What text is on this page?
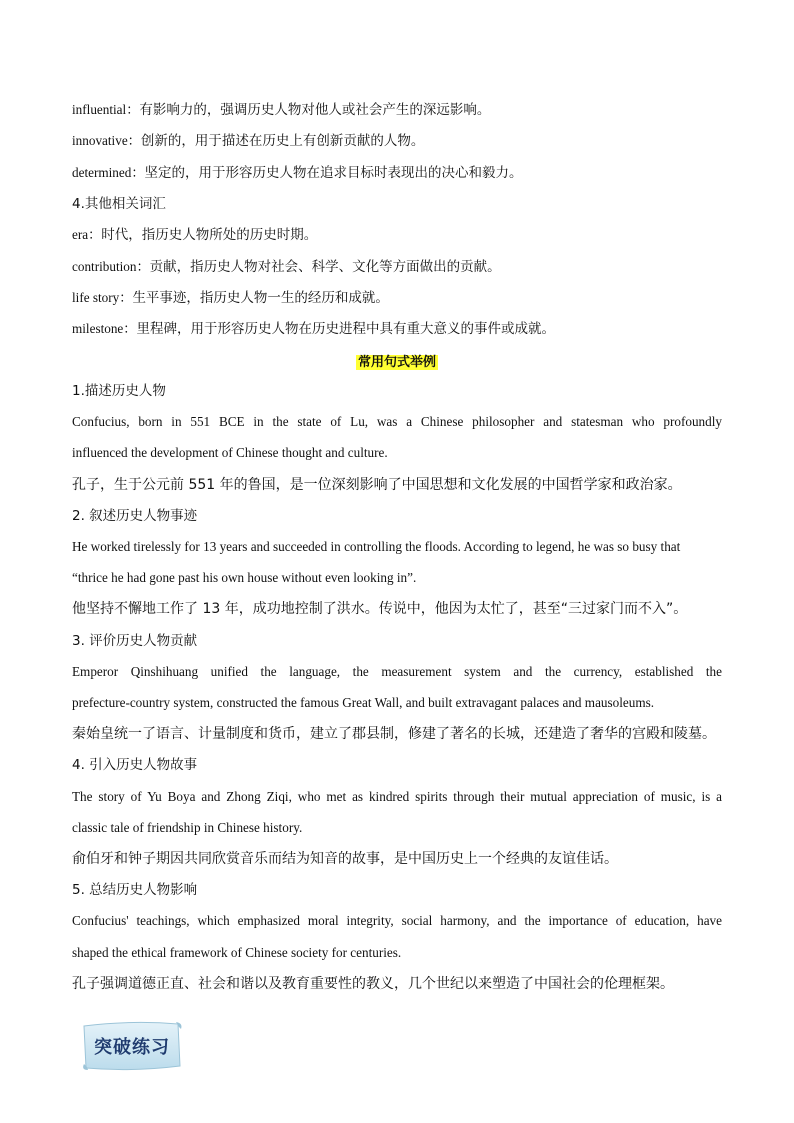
influential：有影响力的，强调历史人物对他人或社会产生的深远影响。
innovative：创新的，用于描述在历史上有创新贡献的人物。
determined：坚定的，用于形容历史人物在追求目标时表现出的决心和毅力。
4.其他相关词汇
era：时代，指历史人物所处的历史时期。
contribution：贡献，指历史人物对社会、科学、文化等方面做出的贡献。
life story：生平事迹，指历史人物一生的经历和成就。
milestone：里程碑，用于形容历史人物在历史进程中具有重大意义的事件或成就。
常用句式举例
1.描述历史人物
Confucius, born in 551 BCE in the state of Lu, was a Chinese philosopher and statesman who profoundly
influenced the development of Chinese thought and culture.
孔子，生于公元前 551 年的鲁国，是一位深刻影响了中国思想和文化发展的中国哲学家和政治家。
2. 叙述历史人物事迹
He worked tirelessly for 13 years and succeeded in controlling the floods. According to legend, he was so busy that
“thrice he had gone past his own house without even looking in”.
他坚持不懈地工作了 13 年，成功地控制了洪水。传说中，他因为太忙了，甚至“三过家门而不入”。
3. 评价历史人物贡献
Emperor Qinshihuang unified the language, the measurement system and the currency, established the
prefecture-country system, constructed the famous Great Wall, and built extravagant palaces and mausoleums.
秦始皇统一了语言、计量制度和货币，建立了郡县制，修建了著名的长城，还建造了奢华的宫殿和陵墓。
4. 引入历史人物故事
The story of Yu Boya and Zhong Ziqi, who met as kindred spirits through their mutual appreciation of music, is a
classic tale of friendship in Chinese history.
俞伯牙和钟子期因共同欣赏音乐而结为知音的故事，是中国历史上一个经典的友谊佳话。
5. 总结历史人物影响
Confucius' teachings, which emphasized moral integrity, social harmony, and the importance of education, have
shaped the ethical framework of Chinese society for centuries.
孔子强调道德正直、社会和谐以及教育重要性的教义，几个世纪以来塑造了中国社会的伦理框架。
突破练习
